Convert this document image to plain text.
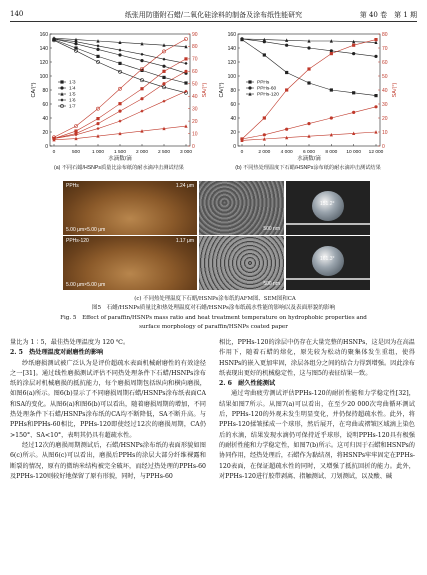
140	纸张用防脂附石蜡/二氧化硅涂料的制备及涂布纸性能研究	第 40 卷　第 1 期
0
20
40
60
80
100
120
140
160
0
10
20
30
40
50
60
70
80
90
0	500 1 000 1 500 2 000 2 500 3 000
水滴数/滴
CA/(°)	SA/(°)
1∶3
1∶4
1∶5
1∶6
1∶7
(a) 不同石蜡/HSNPs质量比涂布纸的耐水滴冲击测试结果
0
20
40
60
80
100
120
140
160
0
10
20
30
40
50
60
70
80
0	2 000 4 000 6 000 8 000 10 000 12 000
水滴数/滴
CA/(°)	SA/(°)
PPHs
PPHs-60
PPHs-120
(b) 不同热处理温度下石蜡/HSNPs涂布纸的耐水滴冲击测试结果
PPHs	1.24 μm
5.00 μm×5.00 μm	500 nm
151.2°
PPHs-120	1.17 μm
5.00 μm×5.00 μm	500 nm
161.3°
(c) 不同热处理温度下石蜡/HSNPs涂布纸的AFM图、SEM图和CA
图5　石蜡/HSNPs质量比和热处理温度对石蜡/HSNPs涂布纸疏水性能的影响以及表面形貌的影响
Fig. 5　Effect of paraffin/HSNPs mass ratio and heat treatment temperature on hydrophobic properties and
surface morphology of paraffin/HSNPs coated paper

量比为 1∶5，最佳热处理温度为 120 ℃。

2. 5　热处理温度对耐磨性的影响

纱纸磨损测试被广泛认为是评价超疏水表面机械耐磨性的有效途径之一[31]。通过线性磨损测试评估不同热处理条件下石蜡/HSNPs涂布纸的涂层对机械磨损的抵抗能力，每个磨损周期包括纵向和横向磨损，如图6(a)所示。图6(b)显示了不同磨损周期石蜡/HSNPs涂布纸表面CA和SA的变化。从图6(a)和图6(b)可以看出，随着磨损周期的增加，不同热处理条件下石蜡/HSNPs涂布纸的CA均不断降低，SA不断升高。与PPHs和PPHs-60相比，PPHs-120即使经过12次的磨损周期，CA仍>150°、SA<10°，表明其仍具有超疏水性。

经过12次的磨损周期测试后，石蜡/HSNPs涂布纸的表面形貌如图6(c)所示。从图6(c)可以看出，磨损后PPHs的涂层大部分纤维裸露和断裂的情况，原有的微纳米结构被完全破坏，而经过热处理的PPHs-60及PPHs-120则较好地保留了原有形貌，同时，与PPHs-60

相比，PPHs-120的涂层中仍存在大量完整的HSNPs，这是因为在高温作用下，随着石蜡的熔化，原先较为松动的聚集体发生重组，使得HSNPs的嵌入更加牢固，涂层各组分之间的结合力得到增强。因此涂布纸表现出更好的机械稳定性，这与图5的表征结果一致。

2. 6　耐久性能测试

通过弯曲疲劳测试评估PPHs-120的耐折性能和力学稳定性[32]，结果如图7所示。从图7(a)可以看出，在至少20 000次弯曲循环测试后，PPHs-120的外观未发生明显变化，并仍保持超疏水性。此外，将PPHs-120揉皱揉成一个球形，然后展开，在弯曲或褶皱区域滴上染色后的水滴，结果发现水滴仍可保持近乎球形，说明PPHs-120具有极强的耐折性能和力学稳定性，如图7(b)所示。这可归因于石蜡和HSNPs的协同作用，经热处理后，石蜡作为黏结剂，将HSNPs牢牢固定在PPHs-120表面，在保证超疏水性的同时，又增强了抵抗回折的能力。此外，对PPHs-120进行胶带剥离、指触测试、刀划测试，以及酸、碱
